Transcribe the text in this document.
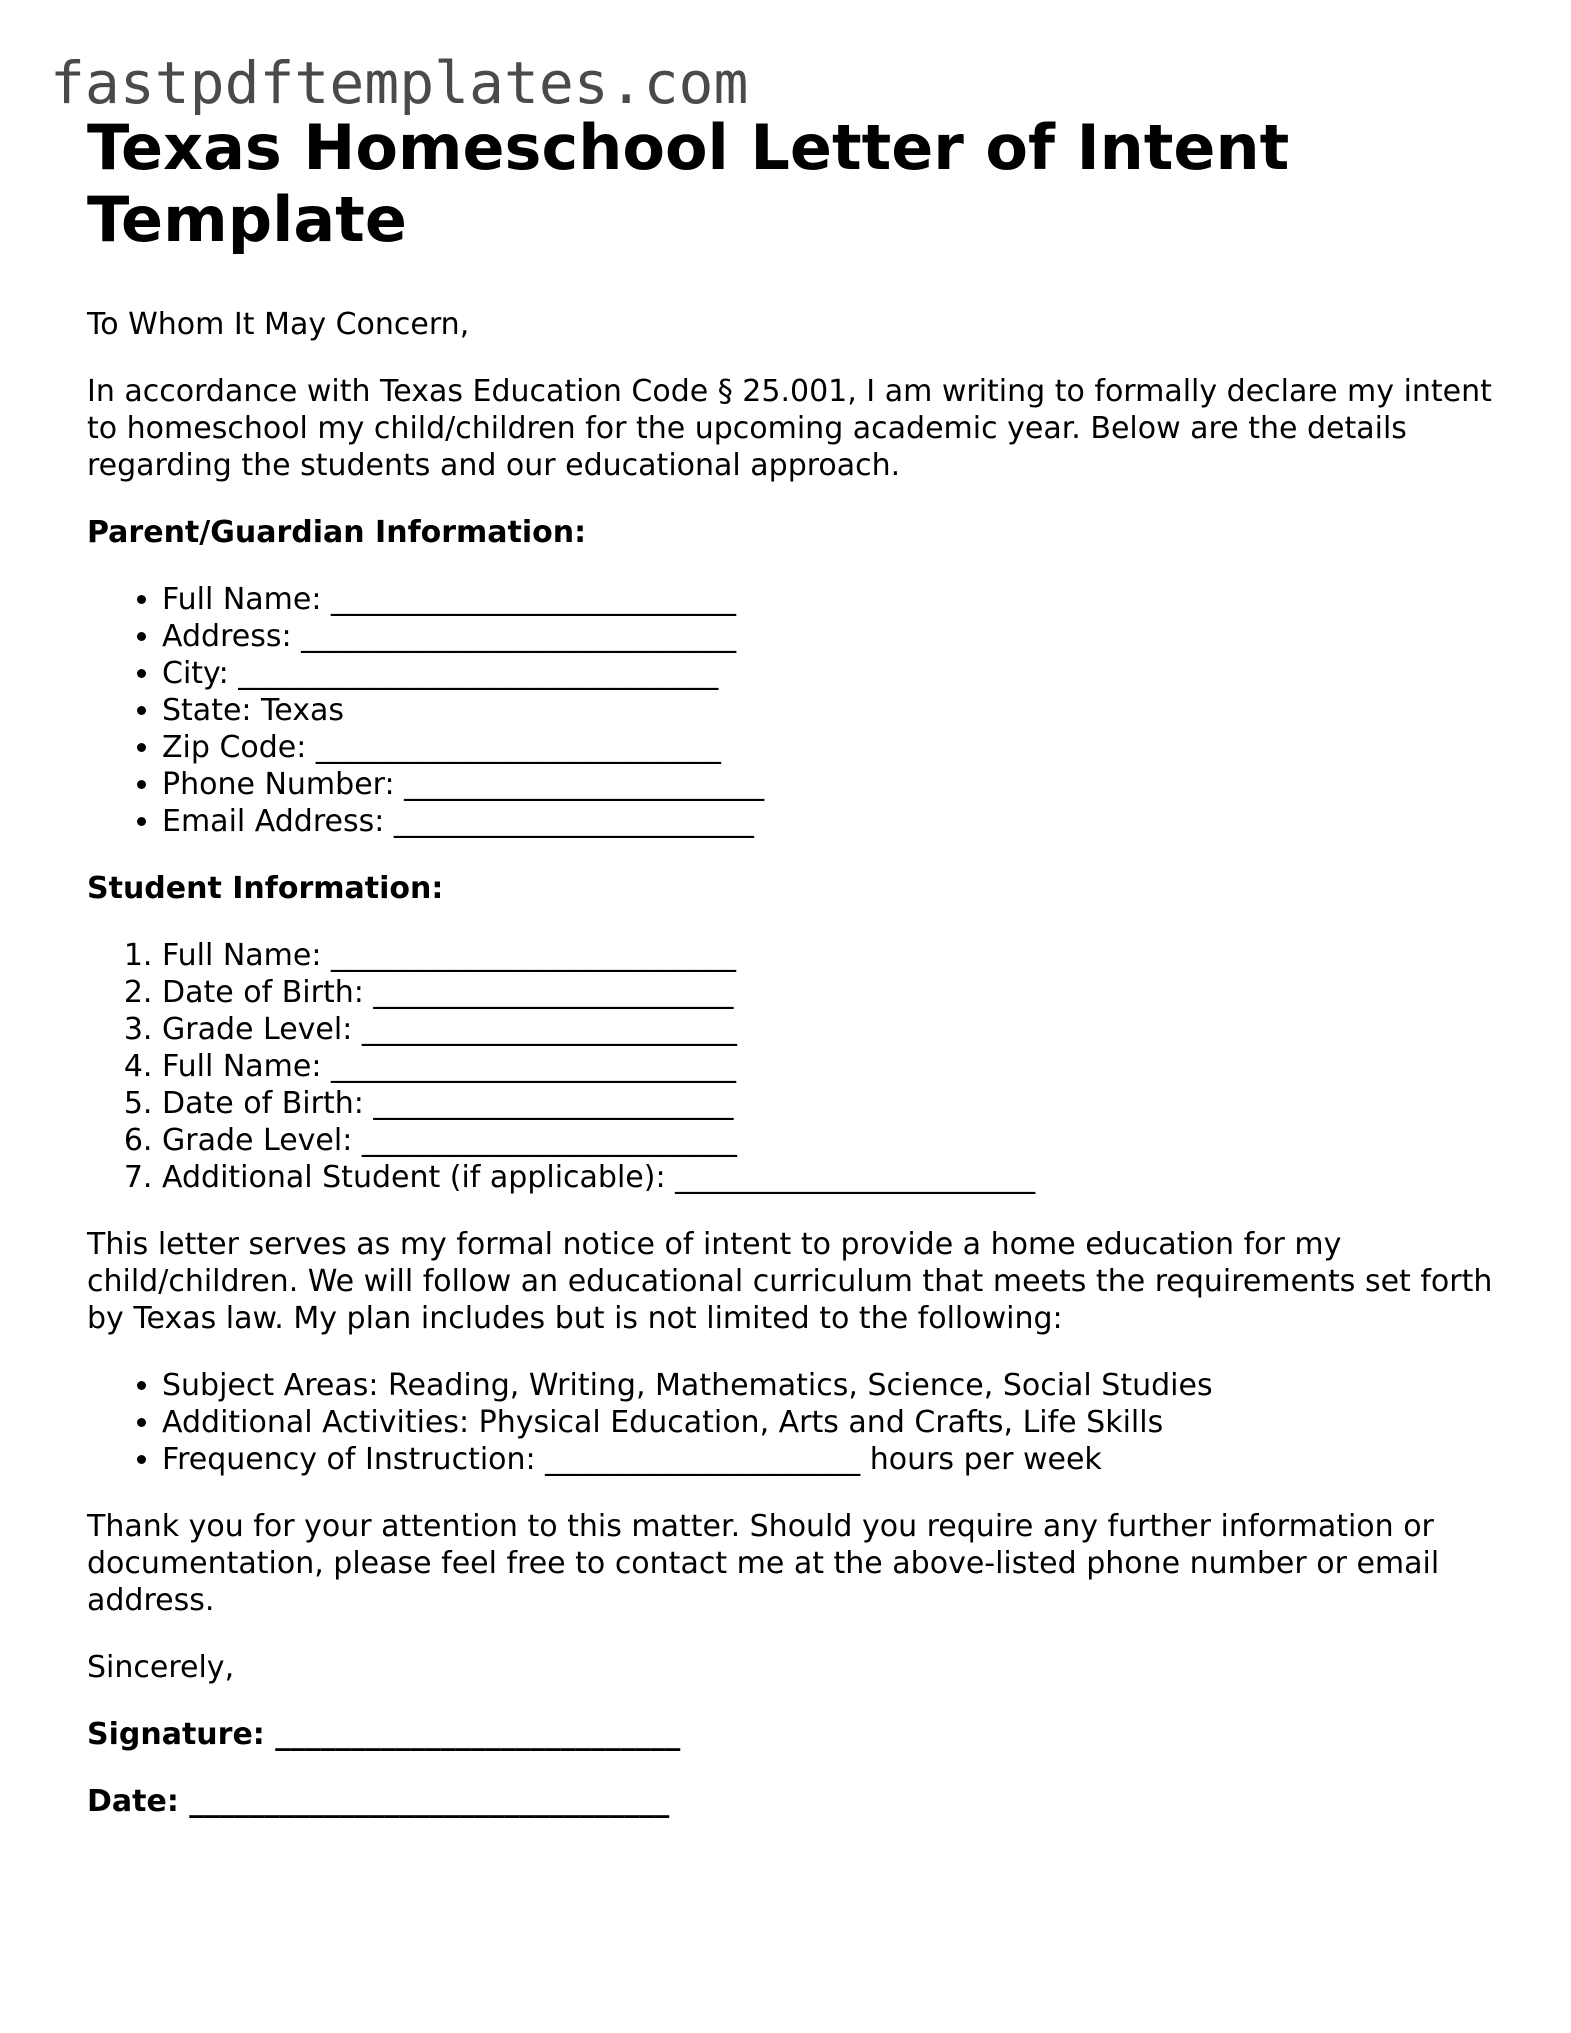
fastpdftemplates.com
Texas Homeschool Letter of Intent Template

To Whom It May Concern,

In accordance with Texas Education Code § 25.001, I am writing to formally declare my intent to homeschool my child/children for the upcoming academic year. Below are the details regarding the students and our educational approach.

Parent/Guardian Information:

• Full Name: ___________________________
• Address: _____________________________
• City: ________________________________
• State: Texas
• Zip Code: ___________________________
• Phone Number: ________________________
• Email Address: ________________________

Student Information:

1. Full Name: ___________________________
2. Date of Birth: ________________________
3. Grade Level: _________________________
4. Full Name: ___________________________
5. Date of Birth: ________________________
6. Grade Level: _________________________
7. Additional Student (if applicable): ________________________

This letter serves as my formal notice of intent to provide a home education for my child/children. We will follow an educational curriculum that meets the requirements set forth by Texas law. My plan includes but is not limited to the following:

• Subject Areas: Reading, Writing, Mathematics, Science, Social Studies
• Additional Activities: Physical Education, Arts and Crafts, Life Skills
• Frequency of Instruction: _____________________ hours per week

Thank you for your attention to this matter. Should you require any further information or documentation, please feel free to contact me at the above-listed phone number or email address.

Sincerely,

Signature: ___________________________

Date: ________________________________
